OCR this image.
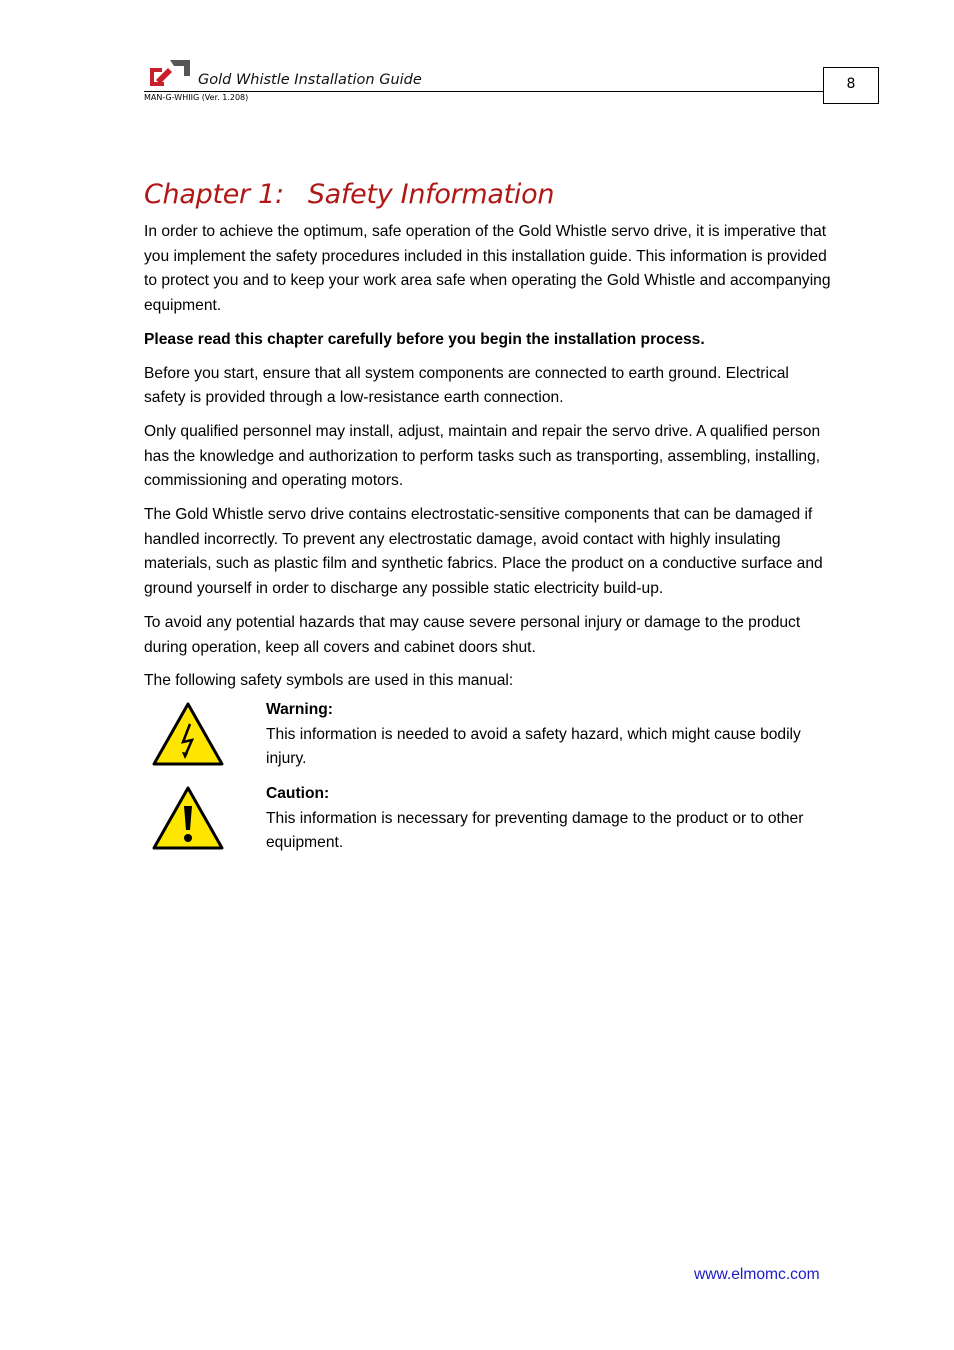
Gold Whistle Installation Guide
MAN-G-WHIIG (Ver. 1.208)
8
Chapter 1: Safety Information

In order to achieve the optimum, safe operation of the Gold Whistle servo drive, it is imperative that you implement the safety procedures included in this installation guide. This information is provided to protect you and to keep your work area safe when operating the Gold Whistle and accompanying equipment.

Please read this chapter carefully before you begin the installation process.

Before you start, ensure that all system components are connected to earth ground. Electrical safety is provided through a low-resistance earth connection.

Only qualified personnel may install, adjust, maintain and repair the servo drive. A qualified person has the knowledge and authorization to perform tasks such as transporting, assembling, installing, commissioning and operating motors.

The Gold Whistle servo drive contains electrostatic-sensitive components that can be damaged if handled incorrectly. To prevent any electrostatic damage, avoid contact with highly insulating materials, such as plastic film and synthetic fabrics. Place the product on a conductive surface and ground yourself in order to discharge any possible static electricity build-up.

To avoid any potential hazards that may cause severe personal injury or damage to the product during operation, keep all covers and cabinet doors shut.

The following safety symbols are used in this manual:

Warning:
This information is needed to avoid a safety hazard, which might cause bodily injury.
Caution:
This information is necessary for preventing damage to the product or to other equipment.
www.elmomc.com
